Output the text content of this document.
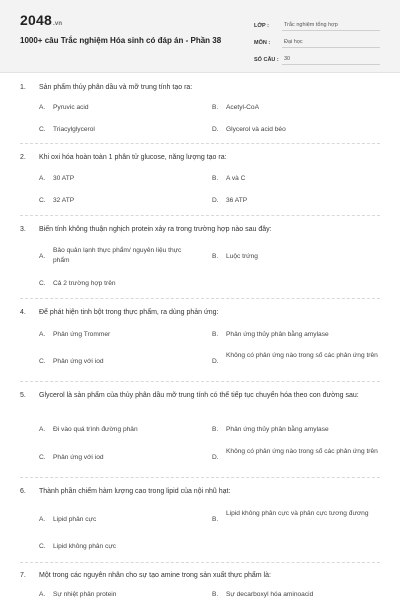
2048.vn
1000+ câu Trắc nghiệm Hóa sinh có đáp án - Phần 38
LỚP :	Trắc nghiệm tổng hợp
MÔN :	Đại học
SỐ CÂU : 30
1. Sản phẩm thủy phân dầu và mỡ trung tính tạo ra:
A. Pyruvic acid	B. Acetyl-CoA
C. Triacylglycerol	D. Glycerol và acid béo
2. Khi oxi hóa hoàn toàn 1 phân tử glucose, năng lượng tạo ra:
A. 30 ATP	B. A và C
C. 32 ATP	D. 36 ATP
3. Biến tính không thuận nghịch protein xảy ra trong trường hợp nào sau đây:
A.
Bảo quản lạnh thực phẩm/ nguyên liệu thực phẩm
B. Luộc trứng
C. Cả 2 trường hợp trên
4. Để phát hiện tinh bột trong thực phẩm, ra dùng phản ứng:
A. Phản ứng Trommer	B. Phản ứng thủy phân bằng amylase
C. Phản ứng với iod	D.
Không có phản ứng nào trong số các phản ứng trên
5. Glycerol là sản phẩm của thủy phân dầu mỡ trung tính có thể tiếp tục chuyển hóa theo con đường sau:
A. Đi vào quá trình đường phân	B. Phản ứng thủy phân bằng amylase
C. Phản ứng với iod	D.
Không có phản ứng nào trong số các phản ứng trên
6. Thành phần chiếm hàm lượng cao trong lipid của nội nhũ hạt:
A. Lipid phân cực	B.
Lipid không phân cực và phân cực tương đương
C. Lipid không phân cực
7. Một trong các nguyên nhân cho sự tạo amine trong sản xuất thực phẩm là:
A. Sự nhiệt phân protein	B. Sự decarboxyl hóa aminoacid
